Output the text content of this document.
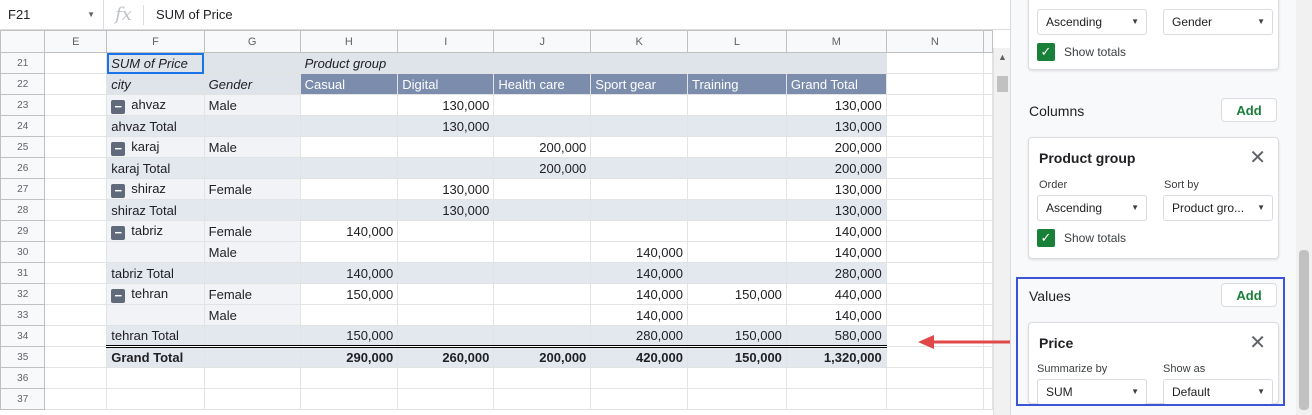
F21	▼	fx	SUM of Price
	E	F	G	H	I	J	K	L	M	N	
21		SUM of Price		Product group							
22		city	Gender	Casual	Digital	Health care	Sport gear	Training	Grand Total		
23		− ahvaz	Male		130,000				130,000		
24		ahvaz Total			130,000				130,000		
25		− karaj	Male			200,000			200,000		
26		karaj Total				200,000			200,000		
27		− shiraz	Female		130,000				130,000		
28		shiraz Total			130,000				130,000		
29		− tabriz	Female	140,000					140,000		
30			Male				140,000		140,000		
31		tabriz Total		140,000			140,000		280,000		
32		− tehran	Female	150,000			140,000	150,000	440,000		
33			Male				140,000		140,000		
34		tehran Total		150,000			280,000	150,000	580,000		
35		Grand Total		290,000	260,000	200,000	420,000	150,000	1,320,000		
36											
37											
▲
Ascending	▼	Gender	▼
✓ Show totals
Columns	Add
Product group	✕
Order	Sort by
Ascending	▼	Product gro... ▼
✓ Show totals
Values	Add
Price	✕
Summarize by	Show as
SUM	▼	Default	▼
